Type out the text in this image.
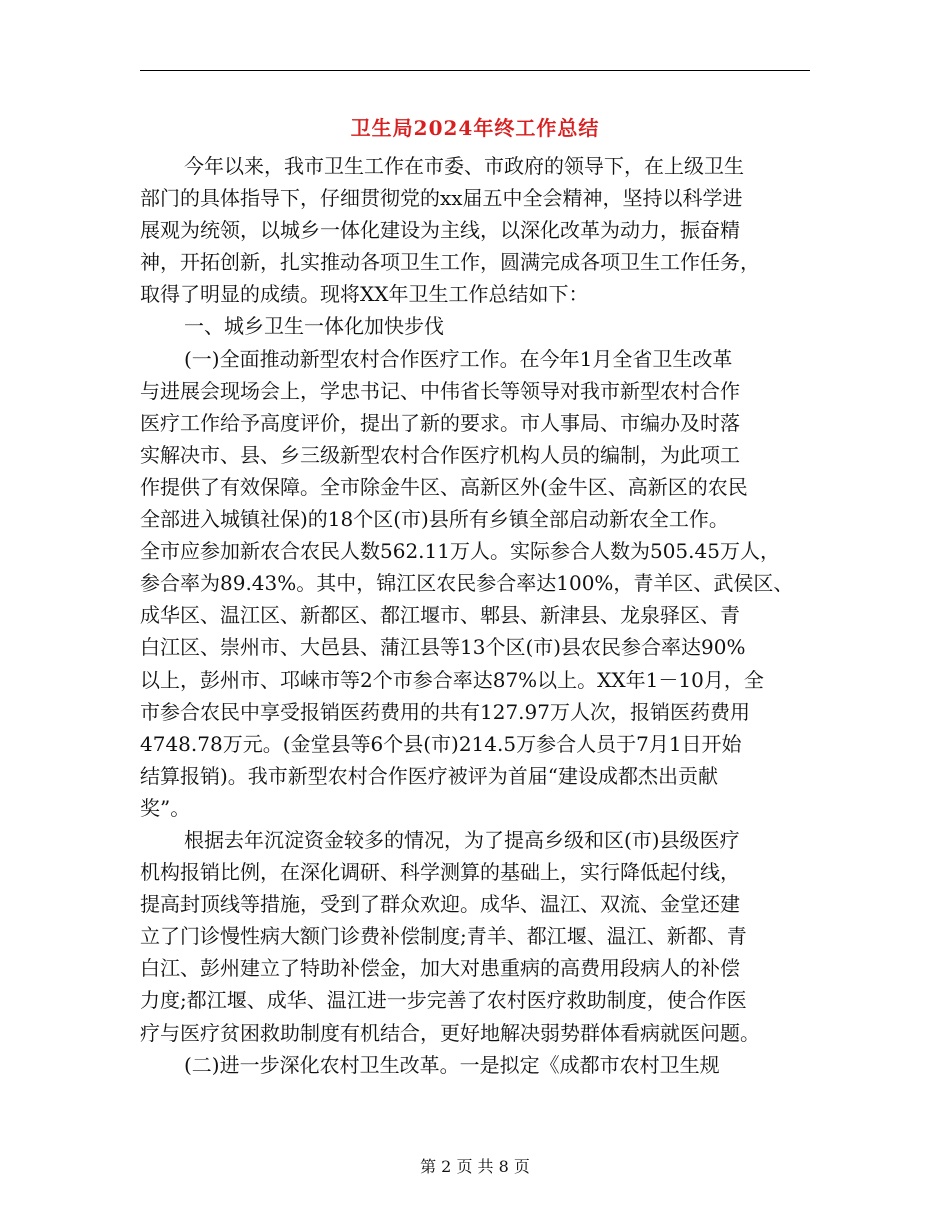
卫生局2024年终工作总结
今年以来，我市卫生工作在市委、市政府的领导下，在上级卫生
部门的具体指导下，仔细贯彻党的xx届五中全会精神，坚持以科学进
展观为统领，以城乡一体化建设为主线，以深化改革为动力，振奋精
神，开拓创新，扎实推动各项卫生工作，圆满完成各项卫生工作任务，
取得了明显的成绩。现将XX年卫生工作总结如下：
一、城乡卫生一体化加快步伐
(一)全面推动新型农村合作医疗工作。在今年1月全省卫生改革
与进展会现场会上，学忠书记、中伟省长等领导对我市新型农村合作
医疗工作给予高度评价，提出了新的要求。市人事局、市编办及时落
实解决市、县、乡三级新型农村合作医疗机构人员的编制，为此项工
作提供了有效保障。全市除金牛区、高新区外(金牛区、高新区的农民
全部进入城镇社保)的18个区(市)县所有乡镇全部启动新农全工作。
全市应参加新农合农民人数562.11万人。实际参合人数为505.45万人，
参合率为89.43%。其中，锦江区农民参合率达100%，青羊区、武侯区、
成华区、温江区、新都区、都江堰市、郫县、新津县、龙泉驿区、青
白江区、崇州市、大邑县、蒲江县等13个区(市)县农民参合率达90%
以上，彭州市、邛崃市等2个市参合率达87%以上。XX年1－10月，全
市参合农民中享受报销医药费用的共有127.97万人次，报销医药费用
4748.78万元。(金堂县等6个县(市)214.5万参合人员于7月1日开始
结算报销)。我市新型农村合作医疗被评为首届“建设成都杰出贡献
奖”。
根据去年沉淀资金较多的情况，为了提高乡级和区(市)县级医疗
机构报销比例，在深化调研、科学测算的基础上，实行降低起付线，
提高封顶线等措施，受到了群众欢迎。成华、温江、双流、金堂还建
立了门诊慢性病大额门诊费补偿制度;青羊、都江堰、温江、新都、青
白江、彭州建立了特助补偿金，加大对患重病的高费用段病人的补偿
力度;都江堰、成华、温江进一步完善了农村医疗救助制度，使合作医
疗与医疗贫困救助制度有机结合，更好地解决弱势群体看病就医问题。
(二)进一步深化农村卫生改革。一是拟定《成都市农村卫生规
第 2 页 共 8 页
